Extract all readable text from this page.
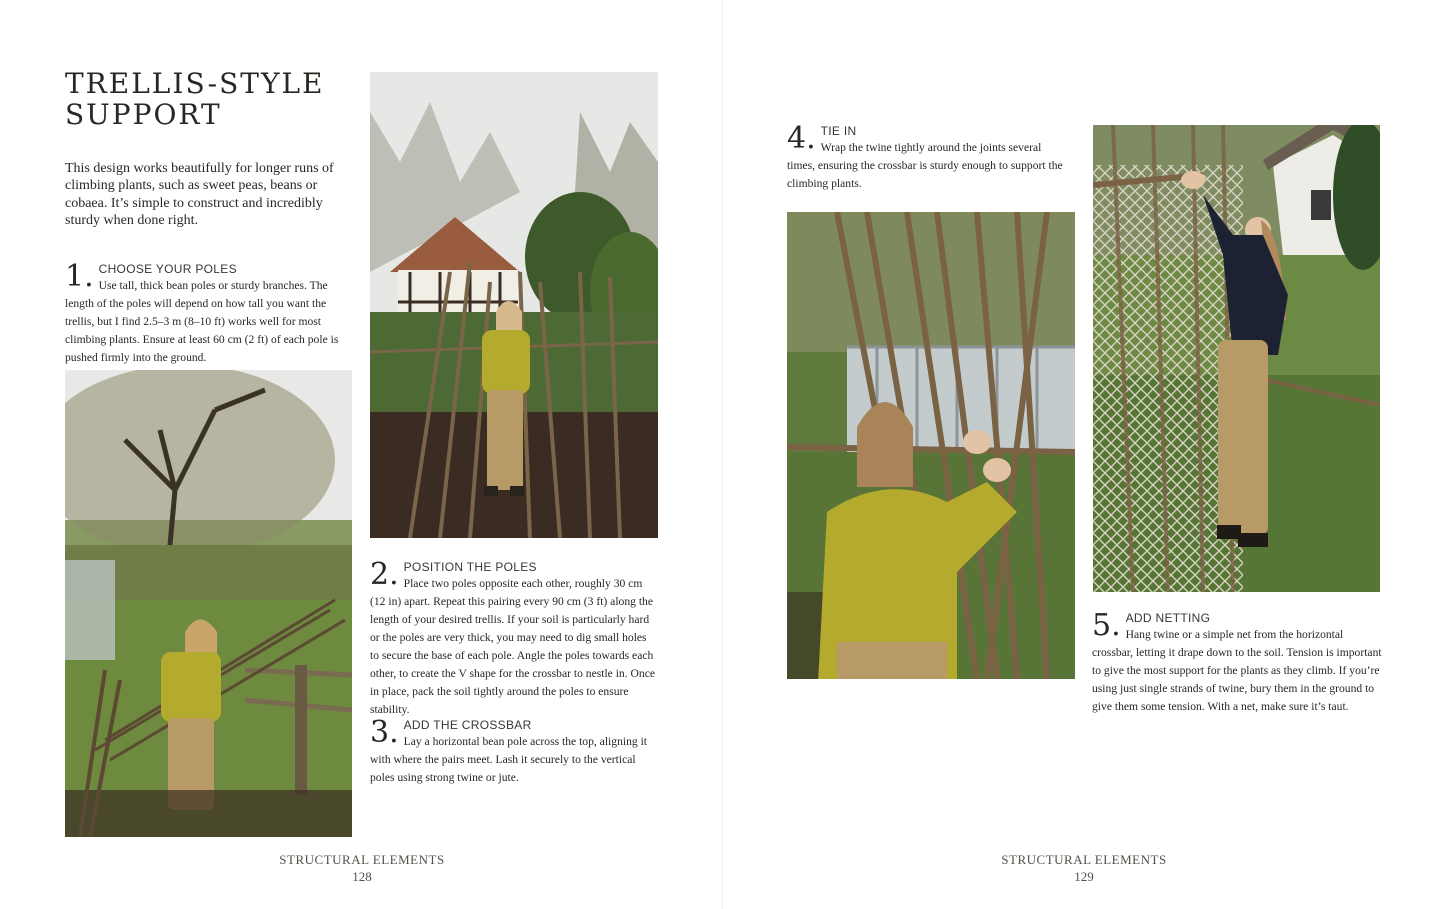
TRELLIS-STYLE
SUPPORT

This design works beautifully for longer runs of climbing plants, such as sweet peas, beans or cobaea. It’s simple to construct and incredibly sturdy when done right.

1. CHOOSE YOUR POLES
Use tall, thick bean poles or sturdy branches. The length of the poles will depend on how tall you want the trellis, but I find 2.5–3 m (8–10 ft) works well for most climbing plants. Ensure at least 60 cm (2 ft) of each pole is pushed firmly into the ground.
2. POSITION THE POLES
Place two poles opposite each other, roughly 30 cm (12 in) apart. Repeat this pairing every 90 cm (3 ft) along the length of your desired trellis. If your soil is particularly hard or the poles are very thick, you may need to dig small holes to secure the base of each pole. Angle the poles towards each other, to create the V shape for the crossbar to nestle in. Once in place, pack the soil tightly around the poles to ensure stability.
3. ADD THE CROSSBAR
Lay a horizontal bean pole across the top, aligning it with where the pairs meet. Lash it securely to the vertical poles using strong twine or jute.
STRUCTURAL ELEMENTS
128
4. TIE IN
Wrap the twine tightly around the joints several times, ensuring the crossbar is sturdy enough to support the climbing plants.
5. ADD NETTING
Hang twine or a simple net from the horizontal crossbar, letting it drape down to the soil. Tension is important to give the most support for the plants as they climb. If you’re using just single strands of twine, bury them in the ground to give them some tension. With a net, make sure it’s taut.
STRUCTURAL ELEMENTS
129
